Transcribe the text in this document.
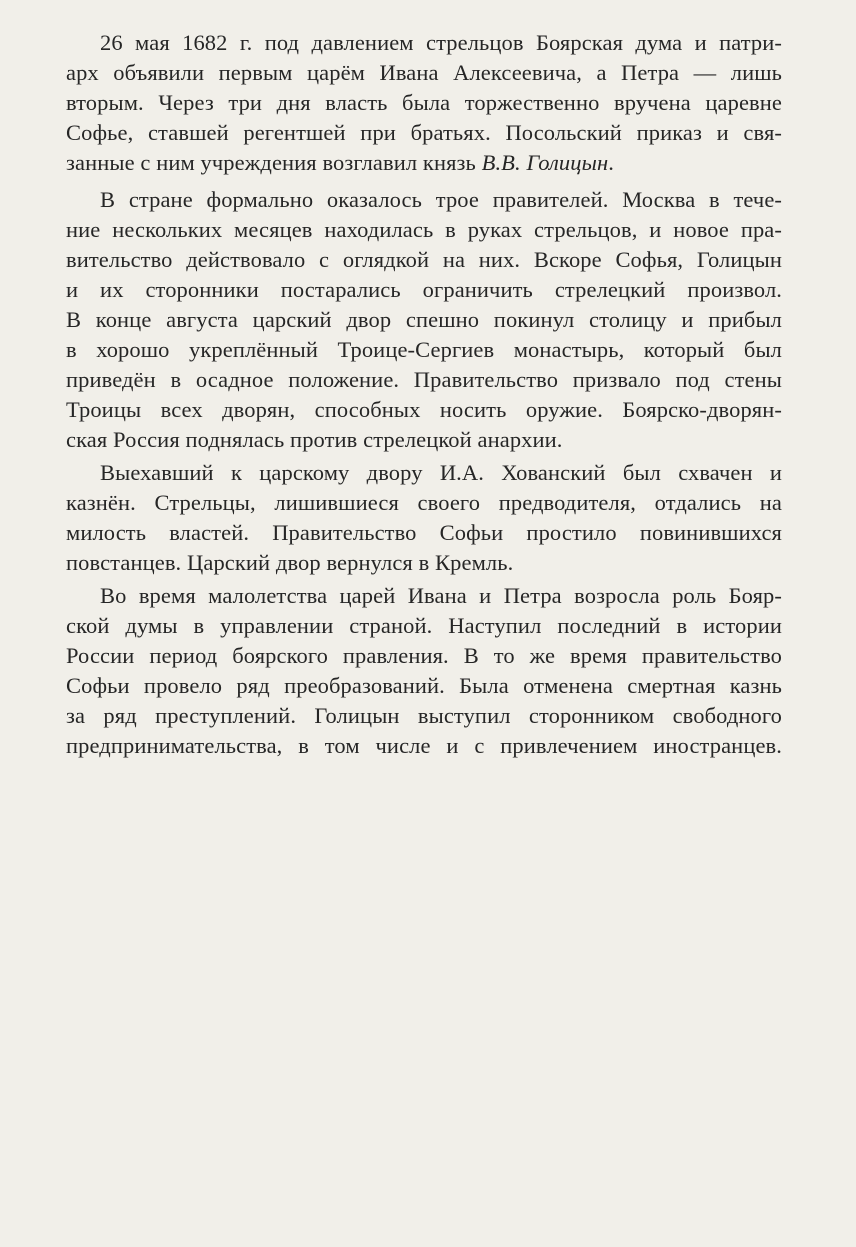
26 мая 1682 г. под давлением стрельцов Боярская дума и патри-
арх объявили первым царём Ивана Алексеевича, а Петра — лишь
вторым. Через три дня власть была торжественно вручена царевне
Софье, ставшей регентшей при братьях. Посольский приказ и свя-
занные с ним учреждения возглавил князь В.В. Голицын.
В стране формально оказалось трое правителей. Москва в тече-
ние нескольких месяцев находилась в руках стрельцов, и новое пра-
вительство действовало с оглядкой на них. Вскоре Софья, Голицын
и их сторонники постарались ограничить стрелецкий произвол.
В конце августа царский двор спешно покинул столицу и прибыл
в хорошо укреплённый Троице-Сергиев монастырь, который был
приведён в осадное положение. Правительство призвало под стены
Троицы всех дворян, способных носить оружие. Боярско-дворян-
ская Россия поднялась против стрелецкой анархии.
Выехавший к царскому двору И.А. Хованский был схвачен и
казнён. Стрельцы, лишившиеся своего предводителя, отдались на
милость властей. Правительство Софьи простило повинившихся
повстанцев. Царский двор вернулся в Кремль.
Во время малолетства царей Ивана и Петра возросла роль Бояр-
ской думы в управлении страной. Наступил последний в истории
России период боярского правления. В то же время правительство
Софьи провело ряд преобразований. Была отменена смертная казнь
за ряд преступлений. Голицын выступил сторонником свободного
предпринимательства, в том числе и с привлечением иностранцев.
